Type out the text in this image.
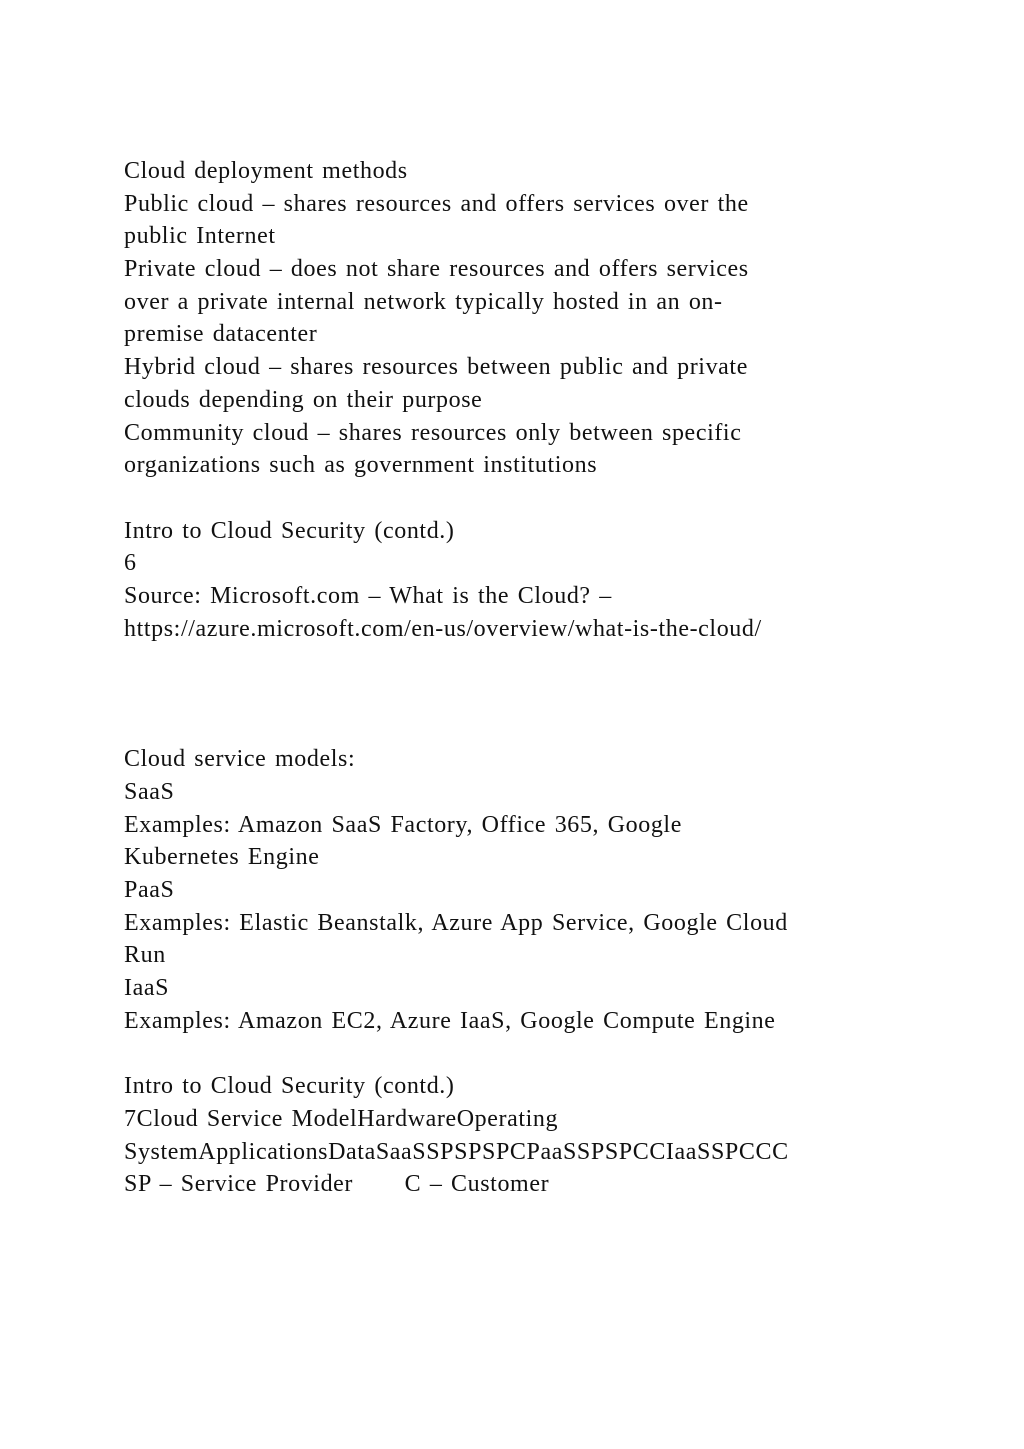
Cloud deployment methods
Public cloud – shares resources and offers services over the
public Internet
Private cloud – does not share resources and offers services
over a private internal network typically hosted in an on-
premise datacenter
Hybrid cloud – shares resources between public and private
clouds depending on their purpose
Community cloud – shares resources only between specific
organizations such as government institutions
Intro to Cloud Security (contd.)
6
Source: Microsoft.com – What is the Cloud? –
https://azure.microsoft.com/en-us/overview/what-is-the-cloud/
Cloud service models:
SaaS
Examples: Amazon SaaS Factory, Office 365, Google
Kubernetes Engine
PaaS
Examples: Elastic Beanstalk, Azure App Service, Google Cloud
Run
IaaS
Examples: Amazon EC2, Azure IaaS, Google Compute Engine
Intro to Cloud Security (contd.)
7Cloud Service ModelHardwareOperating
SystemApplicationsDataSaaSSPSPSPCPaaSSPSPCCIaaSSPCCC
SP – Service Provider      C – Customer
